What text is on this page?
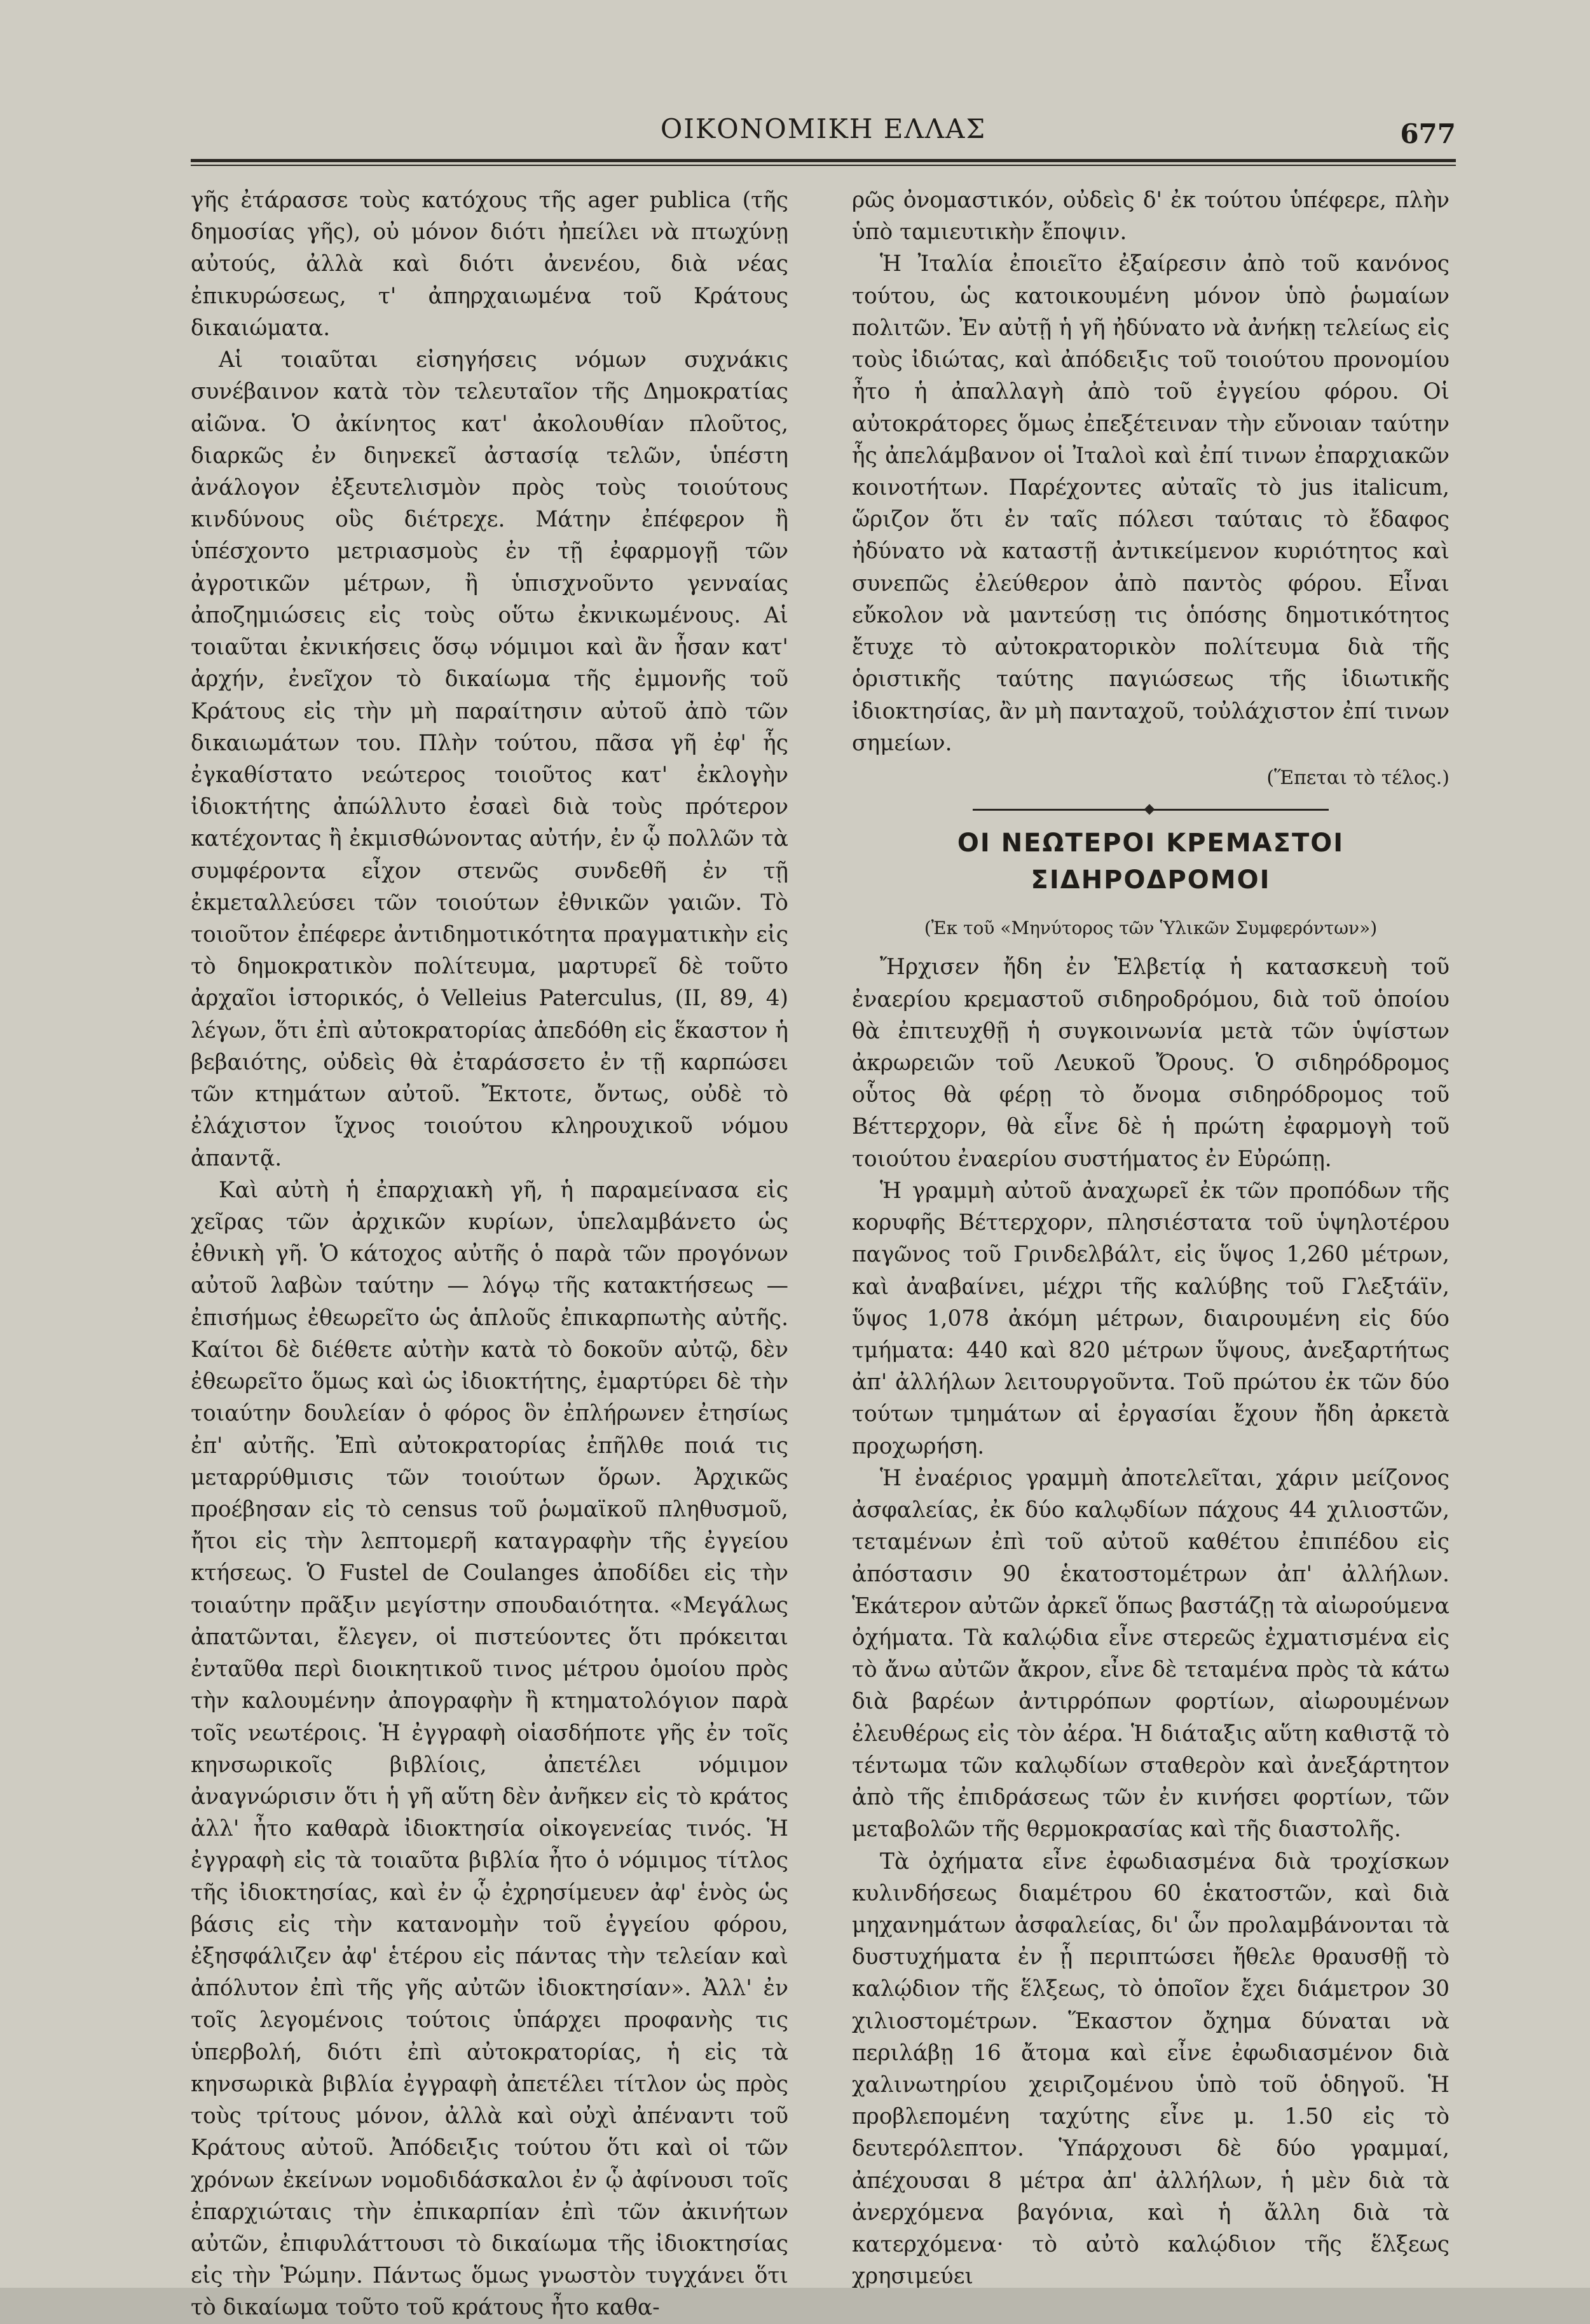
ΟΙΚΟΝΟΜΙΚΗ ΕΛΛΑΣ	677

γῆς ἐτάρασσε τοὺς κατόχους τῆς ager publica (τῆς δημοσίας γῆς), οὐ μόνον διότι ἠπείλει νὰ πτωχύνῃ αὐτούς, ἀλλὰ καὶ διότι ἀνενέου, διὰ νέας ἐπικυρώσεως, τ' ἀπηρχαιωμένα τοῦ Κράτους δικαιώματα.

Αἱ τοιαῦται εἰσηγήσεις νόμων συχνάκις συνέβαινον κατὰ τὸν τελευταῖον τῆς Δημοκρατίας αἰῶνα. Ὁ ἀκίνητος κατ' ἀκολουθίαν πλοῦτος, διαρκῶς ἐν διηνεκεῖ ἀστασίᾳ τελῶν, ὑπέστη ἀνάλογον ἐξευτελισμὸν πρὸς τοὺς τοιούτους κινδύνους οὓς διέτρεχε. Μάτην ἐπέφερον ἢ ὑπέσχοντο μετριασμοὺς ἐν τῇ ἐφαρμογῇ τῶν ἀγροτικῶν μέτρων, ἢ ὑπισχνοῦντο γενναίας ἀποζημιώσεις εἰς τοὺς οὕτω ἐκνικωμένους. Αἱ τοιαῦται ἐκνικήσεις ὅσῳ νόμιμοι καὶ ἂν ἦσαν κατ' ἀρχήν, ἐνεῖχον τὸ δικαίωμα τῆς ἐμμονῆς τοῦ Κράτους εἰς τὴν μὴ παραίτησιν αὐτοῦ ἀπὸ τῶν δικαιωμάτων του. Πλὴν τούτου, πᾶσα γῆ ἐφ' ἧς ἐγκαθίστατο νεώτερος τοιοῦτος κατ' ἐκλογὴν ἰδιοκτήτης ἀπώλλυτο ἐσαεὶ διὰ τοὺς πρότερον κατέχοντας ἢ ἐκμισθώνοντας αὐτήν, ἐν ᾧ πολλῶν τὰ συμφέροντα εἶχον στενῶς συνδεθῆ ἐν τῇ ἐκμεταλλεύσει τῶν τοιούτων ἐθνικῶν γαιῶν. Τὸ τοιοῦτον ἐπέφερε ἀντιδημοτικότητα πραγματικὴν εἰς τὸ δημοκρατικὸν πολίτευμα, μαρτυρεῖ δὲ τοῦτο ἀρχαῖοι ἱστορικός, ὁ Velleius Paterculus, (II, 89, 4) λέγων, ὅτι ἐπὶ αὐτοκρατορίας ἀπεδόθη εἰς ἕκαστον ἡ βεβαιότης, οὐδεὶς θὰ ἐταράσσετο ἐν τῇ καρπώσει τῶν κτημάτων αὐτοῦ. Ἔκτοτε, ὄντως, οὐδὲ τὸ ἐλάχιστον ἴχνος τοιούτου κληρουχικοῦ νόμου ἀπαντᾷ.

Καὶ αὐτὴ ἡ ἐπαρχιακὴ γῆ, ἡ παραμείνασα εἰς χεῖρας τῶν ἀρχικῶν κυρίων, ὑπελαμβάνετο ὡς ἐθνικὴ γῆ. Ὁ κάτοχος αὐτῆς ὁ παρὰ τῶν προγόνων αὐτοῦ λαβὼν ταύτην — λόγῳ τῆς κατακτήσεως — ἐπισήμως ἐθεωρεῖτο ὡς ἁπλοῦς ἐπικαρπωτὴς αὐτῆς. Καίτοι δὲ διέθετε αὐτὴν κατὰ τὸ δοκοῦν αὐτῷ, δὲν ἐθεωρεῖτο ὅμως καὶ ὡς ἰδιοκτήτης, ἐμαρτύρει δὲ τὴν τοιαύτην δουλείαν ὁ φόρος ὃν ἐπλήρωνεν ἐτησίως ἐπ' αὐτῆς. Ἐπὶ αὐτοκρατορίας ἐπῆλθε ποιά τις μεταρρύθμισις τῶν τοιούτων ὅρων. Ἀρχικῶς προέβησαν εἰς τὸ census τοῦ ῥωμαϊκοῦ πληθυσμοῦ, ἤτοι εἰς τὴν λεπτομερῆ καταγραφὴν τῆς ἐγγείου κτήσεως. Ὁ Fustel de Coulanges ἀποδίδει εἰς τὴν τοιαύτην πρᾶξιν μεγίστην σπουδαιότητα. «Μεγάλως ἀπατῶνται, ἔλεγεν, οἱ πιστεύοντες ὅτι πρόκειται ἐνταῦθα περὶ διοικητικοῦ τινος μέτρου ὁμοίου πρὸς τὴν καλουμένην ἀπογραφὴν ἢ κτηματολόγιον παρὰ τοῖς νεωτέροις. Ἡ ἐγγραφὴ οἱασδήποτε γῆς ἐν τοῖς κηνσωρικοῖς βιβλίοις, ἀπετέλει νόμιμον ἀναγνώρισιν ὅτι ἡ γῆ αὕτη δὲν ἀνῆκεν εἰς τὸ κράτος ἀλλ' ἦτο καθαρὰ ἰδιοκτησία οἰκογενείας τινός. Ἡ ἐγγραφὴ εἰς τὰ τοιαῦτα βιβλία ἦτο ὁ νόμιμος τίτλος τῆς ἰδιοκτησίας, καὶ ἐν ᾧ ἐχρησίμευεν ἀφ' ἑνὸς ὡς βάσις εἰς τὴν κατανομὴν τοῦ ἐγγείου φόρου, ἐξησφάλιζεν ἀφ' ἑτέρου εἰς πάντας τὴν τελείαν καὶ ἀπόλυτον ἐπὶ τῆς γῆς αὐτῶν ἰδιοκτησίαν». Ἀλλ' ἐν τοῖς λεγομένοις τούτοις ὑπάρχει προφανὴς τις ὑπερβολή, διότι ἐπὶ αὐτοκρατορίας, ἡ εἰς τὰ κηνσωρικὰ βιβλία ἐγγραφὴ ἀπετέλει τίτλον ὡς πρὸς τοὺς τρίτους μόνον, ἀλλὰ καὶ οὐχὶ ἀπέναντι τοῦ Κράτους αὐτοῦ. Ἀπόδειξις τούτου ὅτι καὶ οἱ τῶν χρόνων ἐκείνων νομοδιδάσκαλοι ἐν ᾧ ἀφίνουσι τοῖς ἐπαρχιώταις τὴν ἐπικαρπίαν ἐπὶ τῶν ἀκινήτων αὐτῶν, ἐπιφυλάττουσι τὸ δικαίωμα τῆς ἰδιοκτησίας εἰς τὴν Ῥώμην. Πάντως ὅμως γνωστὸν τυγχάνει ὅτι τὸ δικαίωμα τοῦτο τοῦ κράτους ἦτο καθα-

ρῶς ὀνομαστικόν, οὐδεὶς δ' ἐκ τούτου ὑπέφερε, πλὴν ὑπὸ ταμιευτικὴν ἔποψιν.

Ἡ Ἰταλία ἐποιεῖτο ἐξαίρεσιν ἀπὸ τοῦ κανόνος τούτου, ὡς κατοικουμένη μόνον ὑπὸ ῥωμαίων πολιτῶν. Ἐν αὐτῇ ἡ γῆ ἠδύνατο νὰ ἀνήκῃ τελείως εἰς τοὺς ἰδιώτας, καὶ ἀπόδειξις τοῦ τοιούτου προνομίου ἦτο ἡ ἀπαλλαγὴ ἀπὸ τοῦ ἐγγείου φόρου. Οἱ αὐτοκράτορες ὅμως ἐπεξέτειναν τὴν εὔνοιαν ταύτην ἧς ἀπελάμβανον οἱ Ἰταλοὶ καὶ ἐπί τινων ἐπαρχιακῶν κοινοτήτων. Παρέχοντες αὐταῖς τὸ jus italicum, ὥριζον ὅτι ἐν ταῖς πόλεσι ταύταις τὸ ἔδαφος ἠδύνατο νὰ καταστῇ ἀντικείμενον κυριότητος καὶ συνεπῶς ἐλεύθερον ἀπὸ παντὸς φόρου. Εἶναι εὔκολον νὰ μαντεύσῃ τις ὁπόσης δημοτικότητος ἔτυχε τὸ αὐτοκρατορικὸν πολίτευμα διὰ τῆς ὁριστικῆς ταύτης παγιώσεως τῆς ἰδιωτικῆς ἰδιοκτησίας, ἂν μὴ πανταχοῦ, τοὐλάχιστον ἐπί τινων σημείων.

(Ἕπεται τὸ τέλος.)
ΟΙ ΝΕΩΤΕΡΟΙ ΚΡΕΜΑΣΤΟΙ ΣΙΔΗΡΟΔΡΟΜΟΙ
(Ἐκ τοῦ «Μηνύτορος τῶν Ὑλικῶν Συμφερόντων»)

Ἤρχισεν ἤδη ἐν Ἑλβετίᾳ ἡ κατασκευὴ τοῦ ἐναερίου κρεμαστοῦ σιδηροδρόμου, διὰ τοῦ ὁποίου θὰ ἐπιτευχθῇ ἡ συγκοινωνία μετὰ τῶν ὑψίστων ἀκρωρειῶν τοῦ Λευκοῦ Ὄρους. Ὁ σιδηρόδρομος οὗτος θὰ φέρῃ τὸ ὄνομα σιδηρόδρομος τοῦ Βέττερχορν, θὰ εἶνε δὲ ἡ πρώτη ἐφαρμογὴ τοῦ τοιούτου ἐναερίου συστήματος ἐν Εὐρώπῃ.

Ἡ γραμμὴ αὐτοῦ ἀναχωρεῖ ἐκ τῶν προπόδων τῆς κορυφῆς Βέττερχορν, πλησιέστατα τοῦ ὑψηλοτέρου παγῶνος τοῦ Γρινδελβάλτ, εἰς ὕψος 1,260 μέτρων, καὶ ἀναβαίνει, μέχρι τῆς καλύβης τοῦ Γλεξτάϊν, ὕψος 1,078 ἀκόμη μέτρων, διαιρουμένη εἰς δύο τμήματα: 440 καὶ 820 μέτρων ὕψους, ἀνεξαρτήτως ἀπ' ἀλλήλων λειτουργοῦντα. Τοῦ πρώτου ἐκ τῶν δύο τούτων τμημάτων αἱ ἐργασίαι ἔχουν ἤδη ἀρκετὰ προχωρήση.

Ἡ ἐναέριος γραμμὴ ἀποτελεῖται, χάριν μείζονος ἀσφαλείας, ἐκ δύο καλῳδίων πάχους 44 χιλιοστῶν, τεταμένων ἐπὶ τοῦ αὐτοῦ καθέτου ἐπιπέδου εἰς ἀπόστασιν 90 ἑκατοστομέτρων ἀπ' ἀλλήλων. Ἑκάτερον αὐτῶν ἀρκεῖ ὅπως βαστάζῃ τὰ αἰωρούμενα ὀχήματα. Τὰ καλῴδια εἶνε στερεῶς ἐχματισμένα εἰς τὸ ἄνω αὐτῶν ἄκρον, εἶνε δὲ τεταμένα πρὸς τὰ κάτω διὰ βαρέων ἀντιρρόπων φορτίων, αἰωρουμένων ἐλευθέρως εἰς τὸν ἀέρα. Ἡ διάταξις αὕτη καθιστᾷ τὸ τέντωμα τῶν καλῳδίων σταθερὸν καὶ ἀνεξάρτητον ἀπὸ τῆς ἐπιδράσεως τῶν ἐν κινήσει φορτίων, τῶν μεταβολῶν τῆς θερμοκρασίας καὶ τῆς διαστολῆς.

Τὰ ὀχήματα εἶνε ἐφωδιασμένα διὰ τροχίσκων κυλινδήσεως διαμέτρου 60 ἑκατοστῶν, καὶ διὰ μηχανημάτων ἀσφαλείας, δι' ὧν προλαμβάνονται τὰ δυστυχήματα ἐν ᾗ περιπτώσει ἤθελε θραυσθῇ τὸ καλῴδιον τῆς ἕλξεως, τὸ ὁποῖον ἔχει διάμετρον 30 χιλιοστομέτρων. Ἕκαστον ὄχημα δύναται νὰ περιλάβῃ 16 ἄτομα καὶ εἶνε ἐφωδιασμένον διὰ χαλινωτηρίου χειριζομένου ὑπὸ τοῦ ὁδηγοῦ. Ἡ προβλεπομένη ταχύτης εἶνε μ. 1.50 εἰς τὸ δευτερόλεπτον. Ὑπάρχουσι δὲ δύο γραμμαί, ἀπέχουσαι 8 μέτρα ἀπ' ἀλλήλων, ἡ μὲν διὰ τὰ ἀνερχόμενα βαγόνια, καὶ ἡ ἄλλη διὰ τὰ κατερχόμενα· τὸ αὐτὸ καλῴδιον τῆς ἕλξεως χρησιμεύει
